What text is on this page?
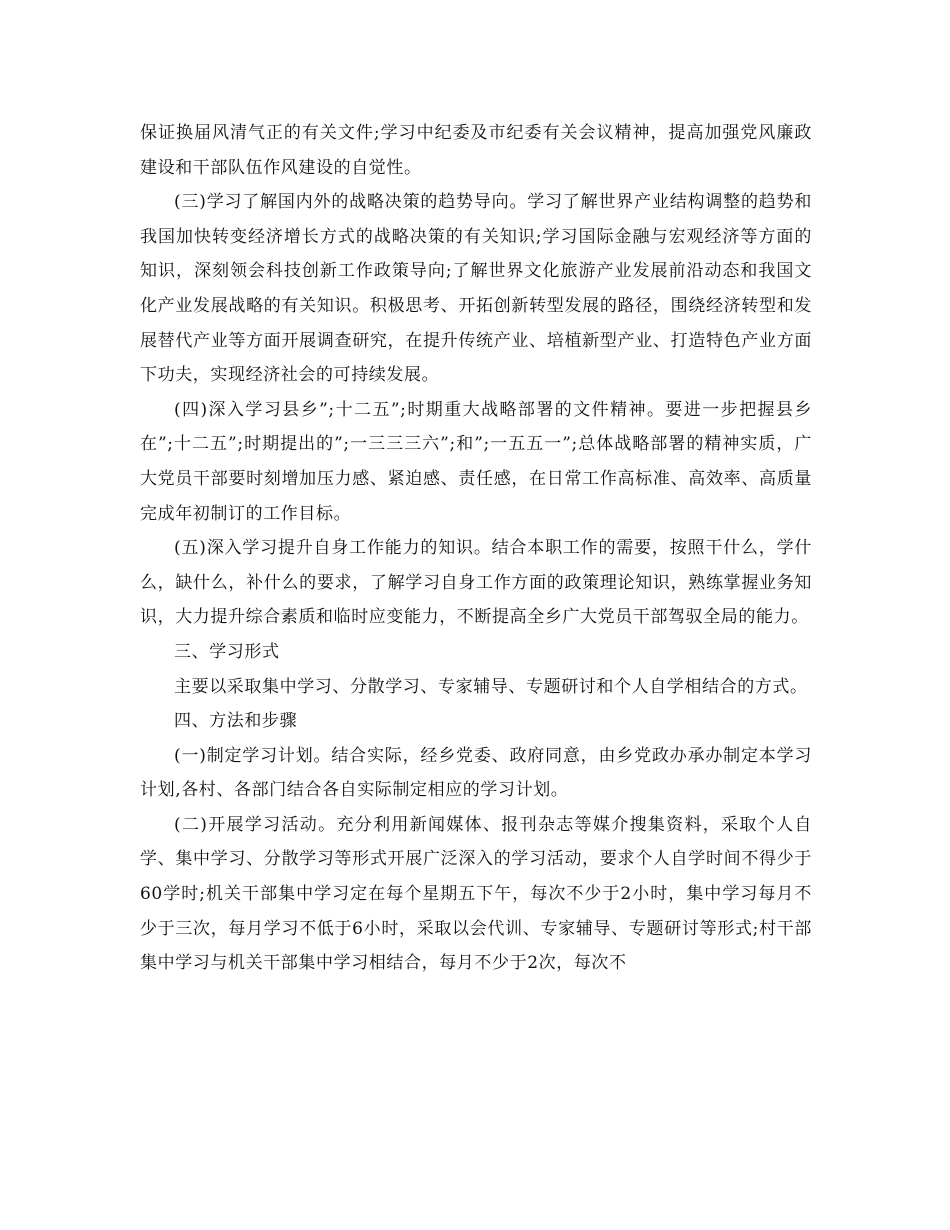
保证换届风清气正的有关文件;学习中纪委及市纪委有关会议精神，提高加强党风廉政建设和干部队伍作风建设的自觉性。

(三)学习了解国内外的战略决策的趋势导向。学习了解世界产业结构调整的趋势和我国加快转变经济增长方式的战略决策的有关知识;学习国际金融与宏观经济等方面的知识，深刻领会科技创新工作政策导向;了解世界文化旅游产业发展前沿动态和我国文化产业发展战略的有关知识。积极思考、开拓创新转型发展的路径，围绕经济转型和发展替代产业等方面开展调查研究，在提升传统产业、培植新型产业、打造特色产业方面下功夫，实现经济社会的可持续发展。

(四)深入学习县乡”;十二五”;时期重大战略部署的文件精神。要进一步把握县乡在”;十二五”;时期提出的”;一三三三六”;和”;一五五一”;总体战略部署的精神实质，广大党员干部要时刻增加压力感、紧迫感、责任感，在日常工作高标准、高效率、高质量完成年初制订的工作目标。

(五)深入学习提升自身工作能力的知识。结合本职工作的需要，按照干什么，学什么，缺什么，补什么的要求，了解学习自身工作方面的政策理论知识，熟练掌握业务知识，大力提升综合素质和临时应变能力，不断提高全乡广大党员干部驾驭全局的能力。

三、学习形式

主要以采取集中学习、分散学习、专家辅导、专题研讨和个人自学相结合的方式。

四、方法和步骤

(一)制定学习计划。结合实际，经乡党委、政府同意，由乡党政办承办制定本学习计划,各村、各部门结合各自实际制定相应的学习计划。

(二)开展学习活动。充分利用新闻媒体、报刊杂志等媒介搜集资料，采取个人自学、集中学习、分散学习等形式开展广泛深入的学习活动，要求个人自学时间不得少于60学时;机关干部集中学习定在每个星期五下午，每次不少于2小时，集中学习每月不少于三次，每月学习不低于6小时，采取以会代训、专家辅导、专题研讨等形式;村干部集中学习与机关干部集中学习相结合，每月不少于2次，每次不
